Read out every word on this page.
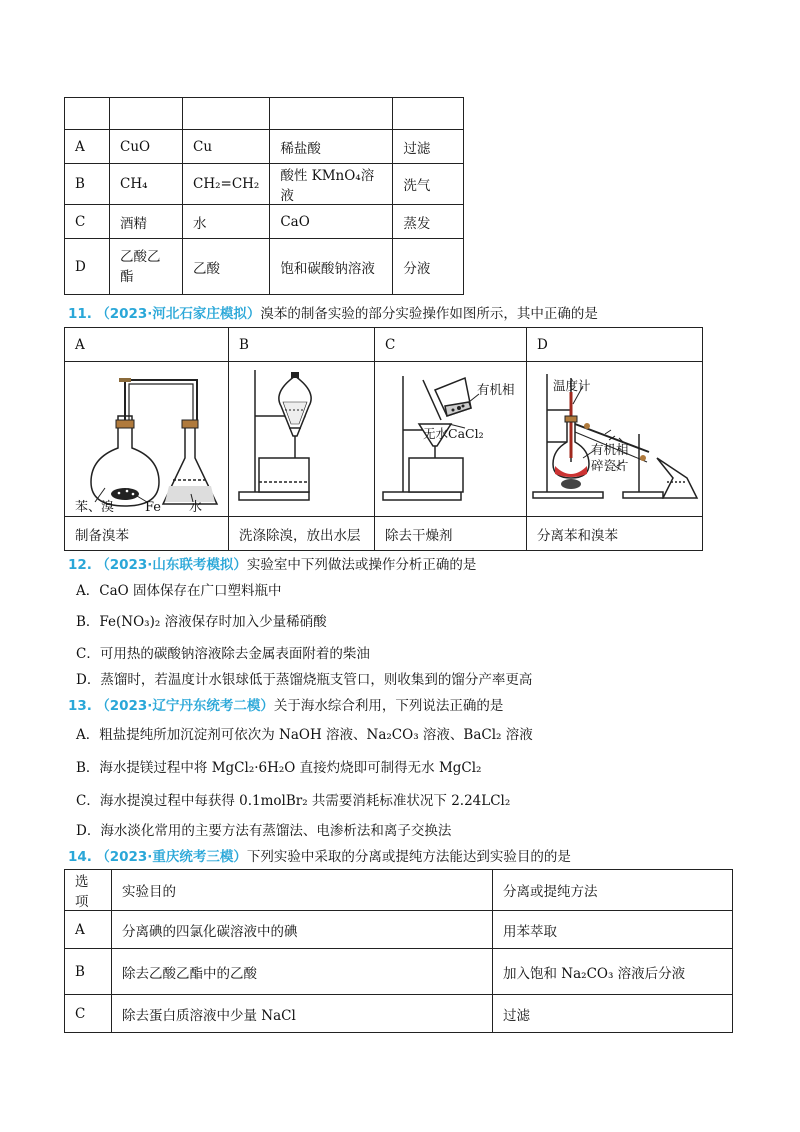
A	CuO	Cu	稀盐酸	过滤
B	CH₄	CH₂=CH₂	酸性 KMnO₄溶液	洗气
C	酒精	水	CaO	蒸发
D	乙酸乙酯	乙酸	饱和碳酸钠溶液	分液
11. （2023·河北石家庄模拟）溴苯的制备实验的部分实验操作如图所示，其中正确的是
A	B	C	D

苯、溴 Fe 水		有机相
无水CaCl₂	温度计
有机相
碎瓷片

制备溴苯	洗涤除溴，放出水层	除去干燥剂	分离苯和溴苯
12. （2023·山东联考模拟）实验室中下列做法或操作分析正确的是
A．CaO 固体保存在广口塑料瓶中
B．Fe(NO₃)₂ 溶液保存时加入少量稀硝酸
C．可用热的碳酸钠溶液除去金属表面附着的柴油
D．蒸馏时，若温度计水银球低于蒸馏烧瓶支管口，则收集到的馏分产率更高
13. （2023·辽宁丹东统考二模）关于海水综合利用，下列说法正确的是
A．粗盐提纯所加沉淀剂可依次为 NaOH 溶液、Na₂CO₃ 溶液、BaCl₂ 溶液
B．海水提镁过程中将 MgCl₂·6H₂O 直接灼烧即可制得无水 MgCl₂
C．海水提溴过程中每获得 0.1molBr₂ 共需要消耗标准状况下 2.24LCl₂
D．海水淡化常用的主要方法有蒸馏法、电渗析法和离子交换法
14. （2023·重庆统考三模）下列实验中采取的分离或提纯方法能达到实验目的的是
选项	实验目的	分离或提纯方法
A	分离碘的四氯化碳溶液中的碘	用苯萃取
B	除去乙酸乙酯中的乙酸	加入饱和 Na₂CO₃ 溶液后分液
C	除去蛋白质溶液中少量 NaCl	过滤
